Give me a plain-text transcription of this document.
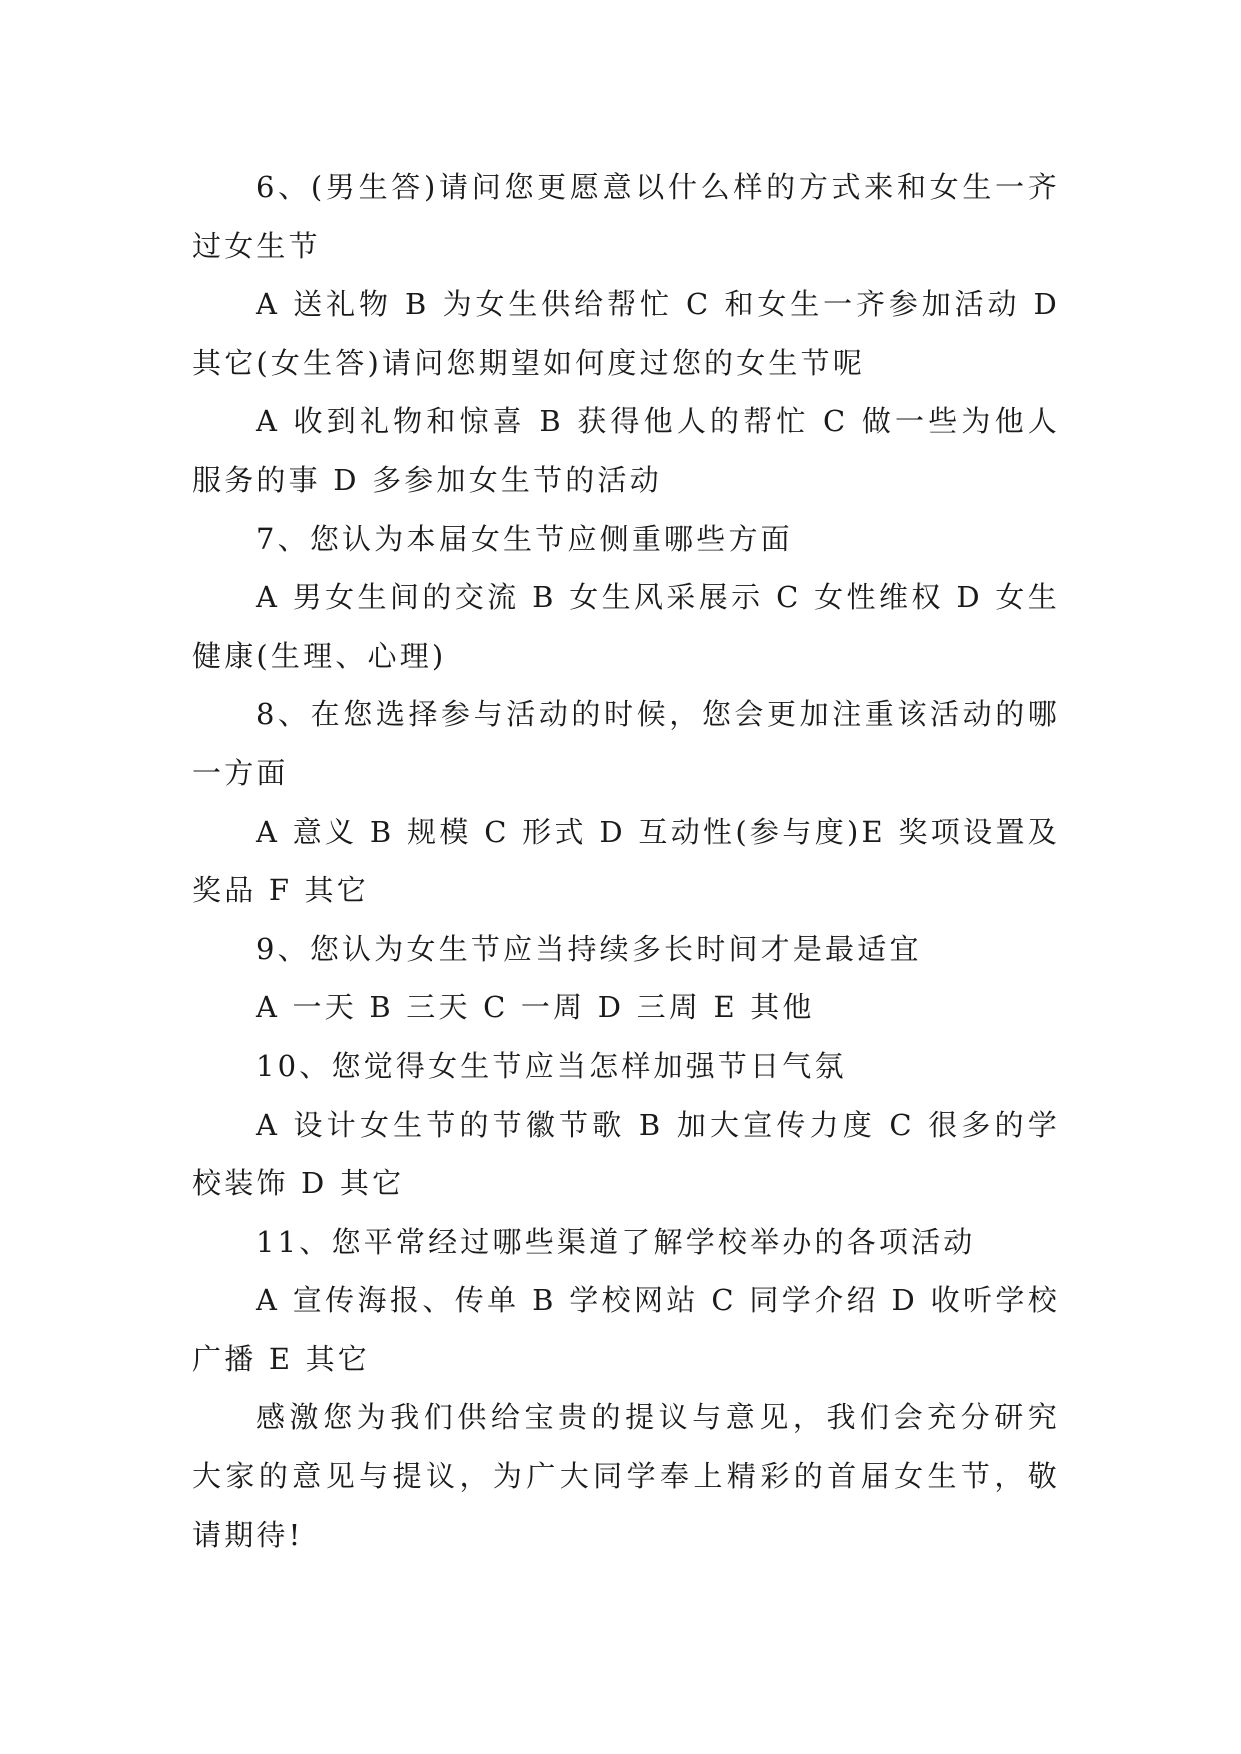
6、(男生答)请问您更愿意以什么样的方式来和女生一齐过女生节

A 送礼物 B 为女生供给帮忙 C 和女生一齐参加活动 D 其它(女生答)请问您期望如何度过您的女生节呢

A 收到礼物和惊喜 B 获得他人的帮忙 C 做一些为他人服务的事 D 多参加女生节的活动

7、您认为本届女生节应侧重哪些方面

A 男女生间的交流 B 女生风采展示 C 女性维权 D 女生健康(生理、心理)

8、在您选择参与活动的时候，您会更加注重该活动的哪一方面

A 意义 B 规模 C 形式 D 互动性(参与度)E 奖项设置及奖品 F 其它

9、您认为女生节应当持续多长时间才是最适宜

A 一天 B 三天 C 一周 D 三周 E 其他

10、您觉得女生节应当怎样加强节日气氛

A 设计女生节的节徽节歌 B 加大宣传力度 C 很多的学校装饰 D 其它

11、您平常经过哪些渠道了解学校举办的各项活动

A 宣传海报、传单 B 学校网站 C 同学介绍 D 收听学校广播 E 其它

感激您为我们供给宝贵的提议与意见，我们会充分研究大家的意见与提议，为广大同学奉上精彩的首届女生节，敬请期待!
